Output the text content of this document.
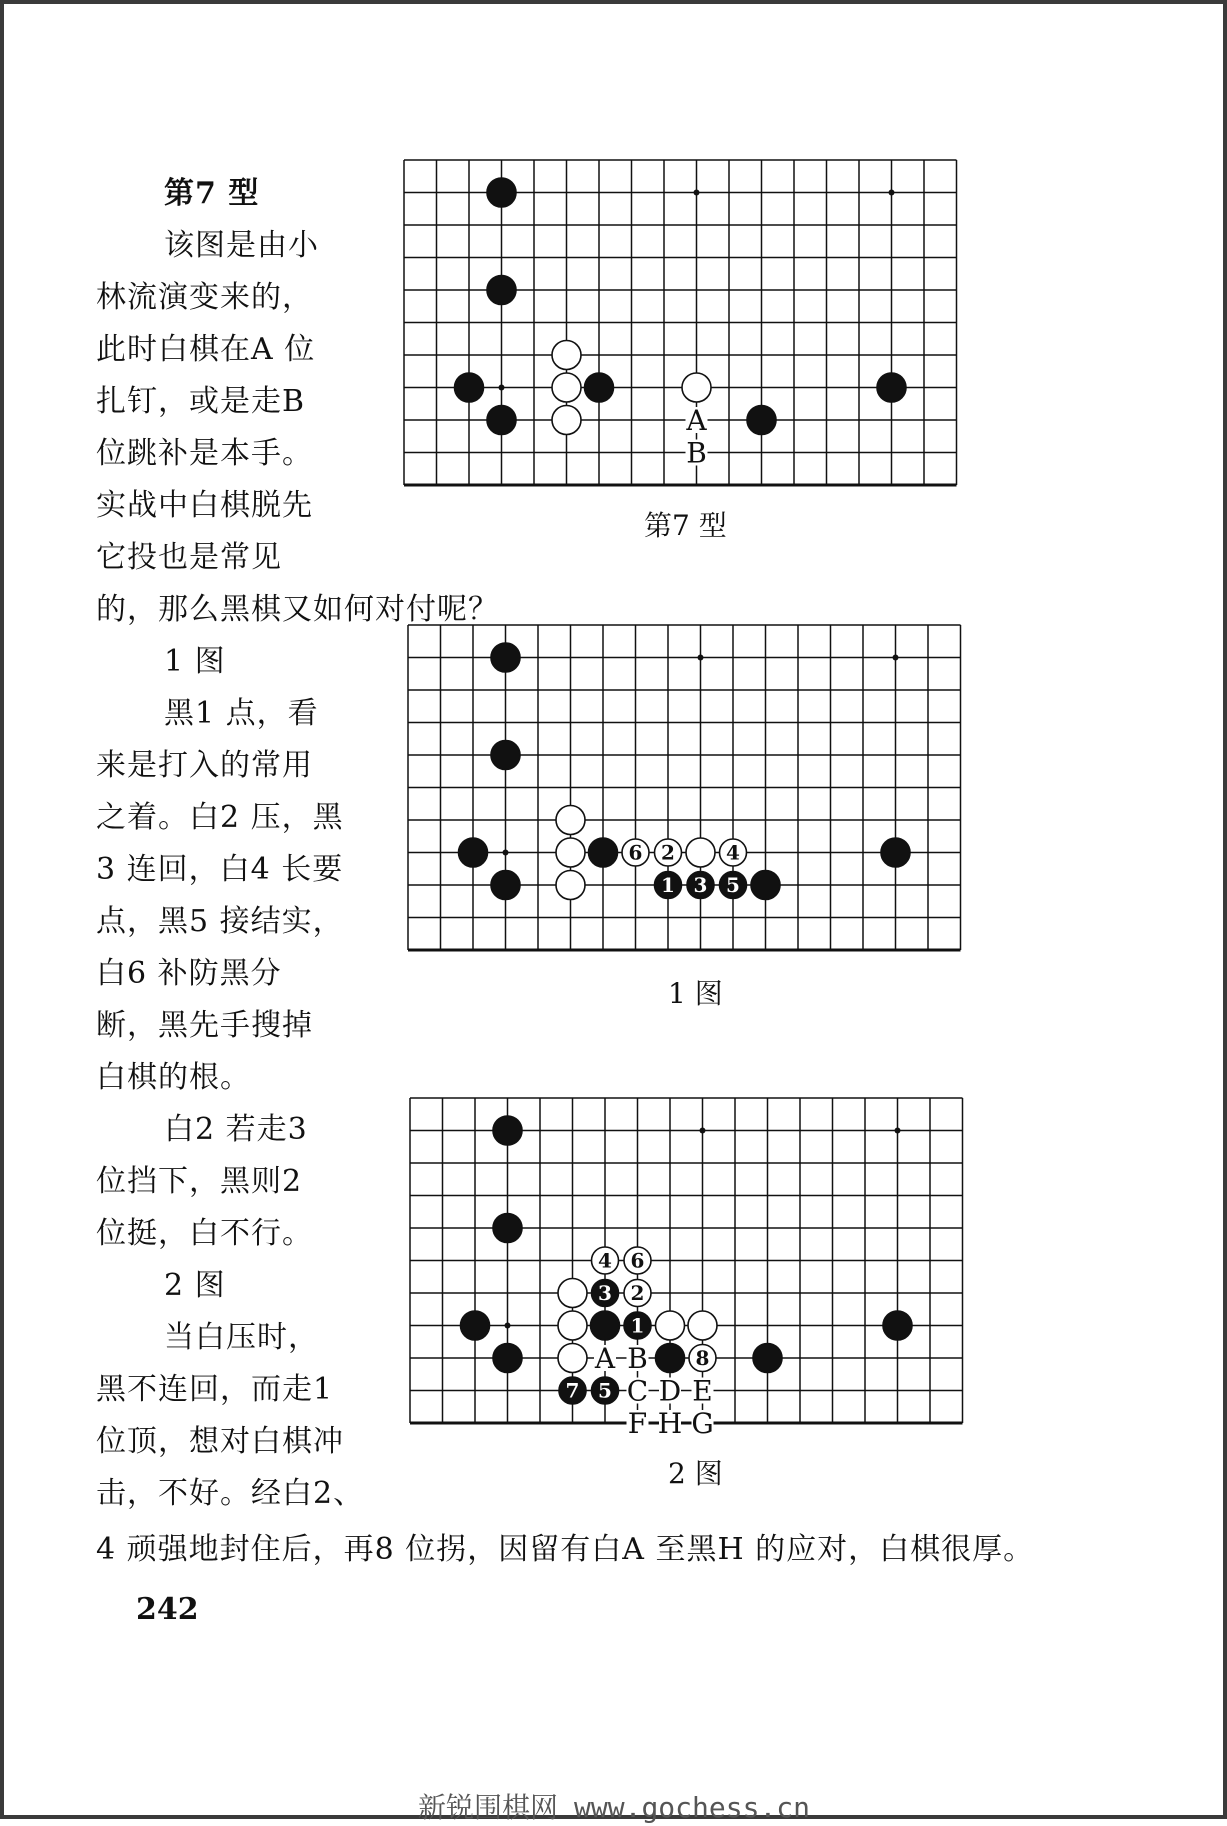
第7 型
该图是由小
林流演变来的，
此时白棋在A 位
扎钉，或是走B
位跳补是本手。
实战中白棋脱先
它投也是常见
的，那么黑棋又如何对付呢？
1 图
黑1 点，看
来是打入的常用
之着。白2 压，黑
3 连回，白4 长要
点，黑5 接结实，
白6 补防黑分
断，黑先手搜掉
白棋的根。
白2 若走3
位挡下，黑则2
位挺，白不行。
2 图
当白压时，
黑不连回，而走1
位顶，想对白棋冲
击，不好。经白2、
4 顽强地封住后，再8 位拐，因留有白A 至黑H 的应对，白棋很厚。
242
A
B
第7 型
6 2	4
1 3 5
1 图
A B
C D E
F H G
4 6
3 2
1
8
7 5
2 图
新锐围棋网 www.gochess.cn
